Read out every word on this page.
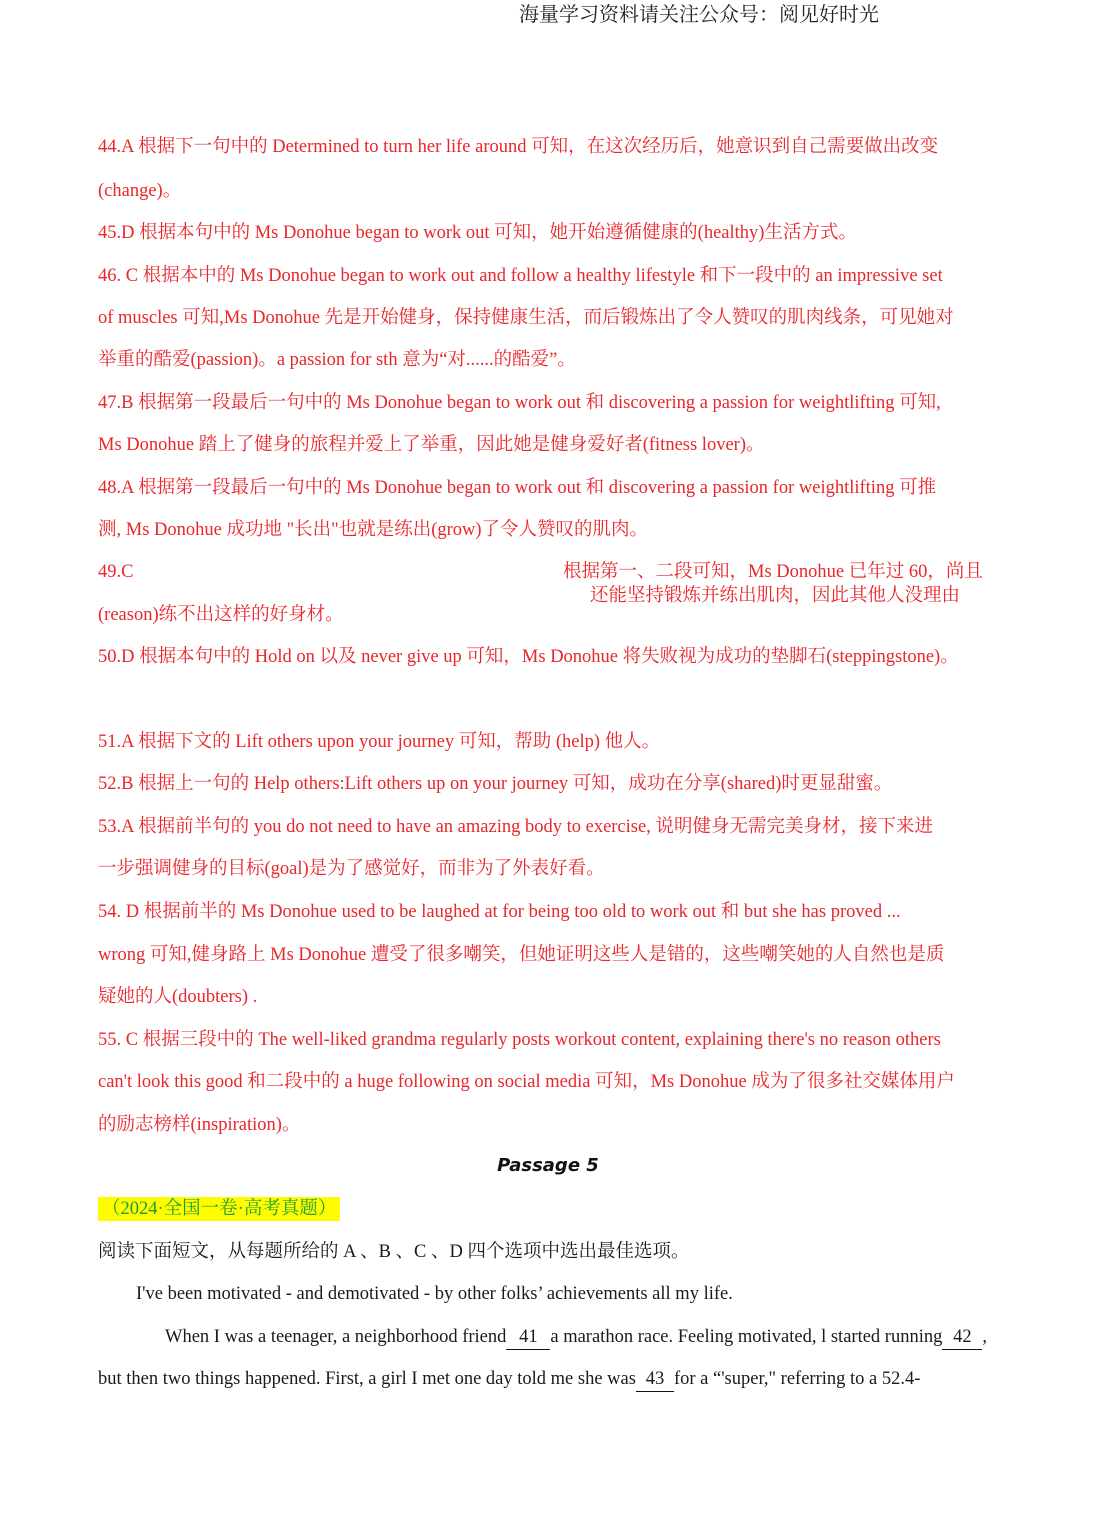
海量学习资料请关注公众号：阅见好时光
44.A 根据下一句中的 Determined to turn her life around 可知，在这次经历后，她意识到自己需要做出改变
(change)。
45.D 根据本句中的 Ms Donohue began to work out 可知，她开始遵循健康的(healthy)生活方式。
46. C 根据本中的 Ms Donohue began to work out and follow a healthy lifestyle 和下一段中的 an impressive set
of muscles 可知,Ms Donohue 先是开始健身，保持健康生活，而后锻炼出了令人赞叹的肌肉线条，可见她对
举重的酷爱(passion)。a passion for sth 意为“对......的酷爱”。
47.B 根据第一段最后一句中的 Ms Donohue began to work out 和 discovering a passion for weightlifting 可知,
Ms Donohue 踏上了健身的旅程并爱上了举重，因此她是健身爱好者(fitness lover)。
48.A 根据第一段最后一句中的 Ms Donohue began to work out 和 discovering a passion for weightlifting 可推
测, Ms Donohue 成功地 "长出"也就是练出(grow)了令人赞叹的肌肉。
49.C	根据第一、二段可知，Ms Donohue 已年过 60，尚且
还能坚持锻炼并练出肌肉，因此其他人没理由
(reason)练不出这样的好身材。
50.D 根据本句中的 Hold on 以及 never give up 可知，Ms Donohue 将失败视为成功的垫脚石(steppingstone)。
51.A 根据下文的 Lift others upon your journey 可知，帮助 (help) 他人。
52.B 根据上一句的 Help others:Lift others up on your journey 可知，成功在分享(shared)时更显甜蜜。
53.A 根据前半句的 you do not need to have an amazing body to exercise, 说明健身无需完美身材，接下来进
一步强调健身的目标(goal)是为了感觉好，而非为了外表好看。
54. D 根据前半的 Ms Donohue used to be laughed at for being too old to work out 和 but she has proved ...
wrong 可知,健身路上 Ms Donohue 遭受了很多嘲笑，但她证明这些人是错的，这些嘲笑她的人自然也是质
疑她的人(doubters) .
55. C 根据三段中的 The well-liked grandma regularly posts workout content, explaining there's no reason others
can't look this good 和二段中的 a huge following on social media 可知，Ms Donohue 成为了很多社交媒体用户
的励志榜样(inspiration)。
Passage 5
（2024·全国一卷·高考真题）
阅读下面短文，从每题所给的 A 、B 、C 、D 四个选项中选出最佳选项。
I've been motivated - and demotivated - by other folks’ achievements all my life.
When I was a teenager, a neighborhood friend 41 a marathon race. Feeling motivated, l started running 42 ,
but then two things happened. First, a girl I met one day told me she was 43 for a “'super," referring to a 52.4-
